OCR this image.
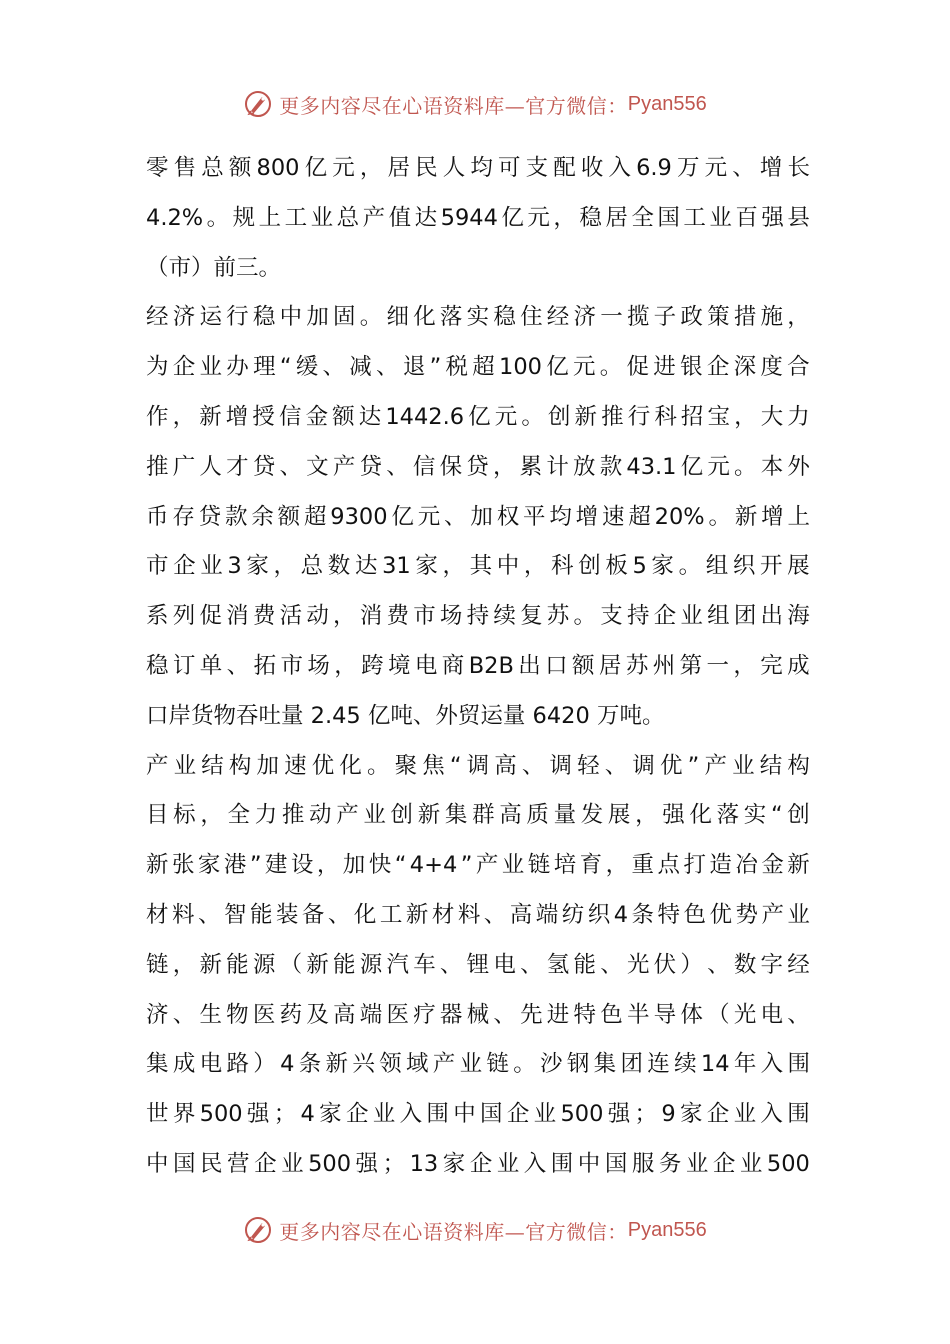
更多内容尽在心语资料库—官方微信： Pyan556
零 售 总 额 800 亿 元 ， 居 民 人 均 可 支 配 收 入 6.9 万 元 、 增 长
4.2% 。 规 上 工 业 总 产 值 达 5944 亿 元 ， 稳 居 全 国 工 业 百 强 县
（市）前三。
经 济 运 行 稳 中 加 固 。 细 化 落 实 稳 住 经 济 一 揽 子 政 策 措 施 ，
为 企 业 办 理 “ 缓 、 减 、 退 ” 税 超 100 亿 元 。 促 进 银 企 深 度 合
作 ， 新 增 授 信 金 额 达 1442.6 亿 元 。 创 新 推 行 科 招 宝 ， 大 力
推 广 人 才 贷 、 文 产 贷 、 信 保 贷 ， 累 计 放 款 43.1 亿 元 。 本 外
币 存 贷 款 余 额 超 9300 亿 元 、 加 权 平 均 增 速 超 20% 。 新 增 上
市 企 业 3 家 ， 总 数 达 31 家 ， 其 中 ， 科 创 板 5 家 。 组 织 开 展
系 列 促 消 费 活 动 ， 消 费 市 场 持 续 复 苏 。 支 持 企 业 组 团 出 海
稳 订 单 、 拓 市 场 ， 跨 境 电 商 B2B 出 口 额 居 苏 州 第 一 ， 完 成
口岸货物吞吐量 2.45 亿吨、外贸运量 6420 万吨。
产 业 结 构 加 速 优 化 。 聚 焦 “ 调 高 、 调 轻 、 调 优 ” 产 业 结 构
目 标 ， 全 力 推 动 产 业 创 新 集 群 高 质 量 发 展 ， 强 化 落 实 “ 创
新 张 家 港 ” 建 设 ， 加 快 “ 4+4 ” 产 业 链 培 育 ， 重 点 打 造 冶 金 新
材 料 、 智 能 装 备 、 化 工 新 材 料 、 高 端 纺 织 4 条 特 色 优 势 产 业
链 ， 新 能 源 （ 新 能 源 汽 车 、 锂 电 、 氢 能 、 光 伏 ） 、 数 字 经
济 、 生 物 医 药 及 高 端 医 疗 器 械 、 先 进 特 色 半 导 体 （ 光 电 、
集 成 电 路 ） 4 条 新 兴 领 域 产 业 链 。 沙 钢 集 团 连 续 14 年 入 围
世 界 500 强 ； 4 家 企 业 入 围 中 国 企 业 500 强 ； 9 家 企 业 入 围
中 国 民 营 企 业 500 强 ； 13 家 企 业 入 围 中 国 服 务 业 企 业 500
更多内容尽在心语资料库—官方微信： Pyan556
